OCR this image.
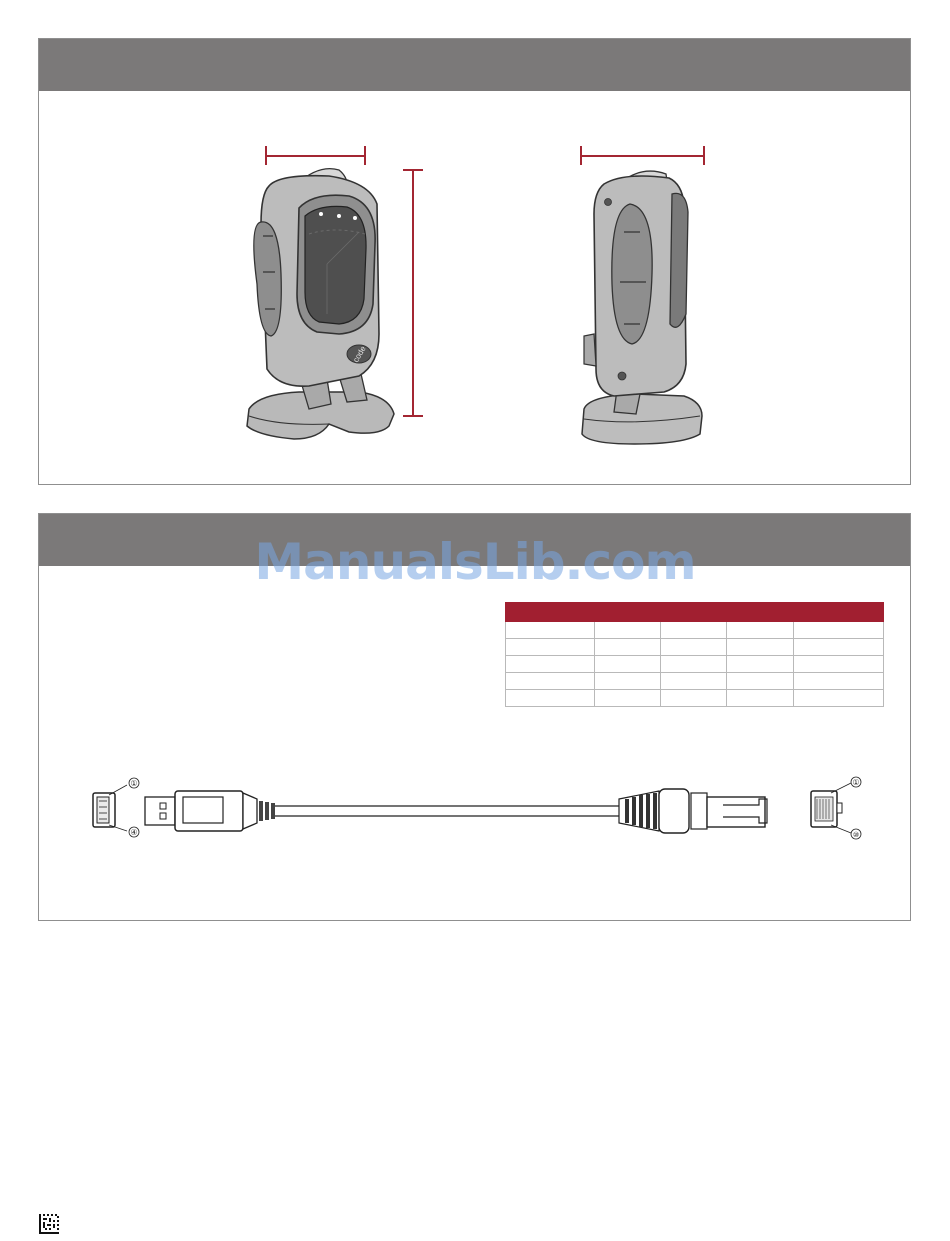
code

①
④
①
⑩
ManualsLib.com
